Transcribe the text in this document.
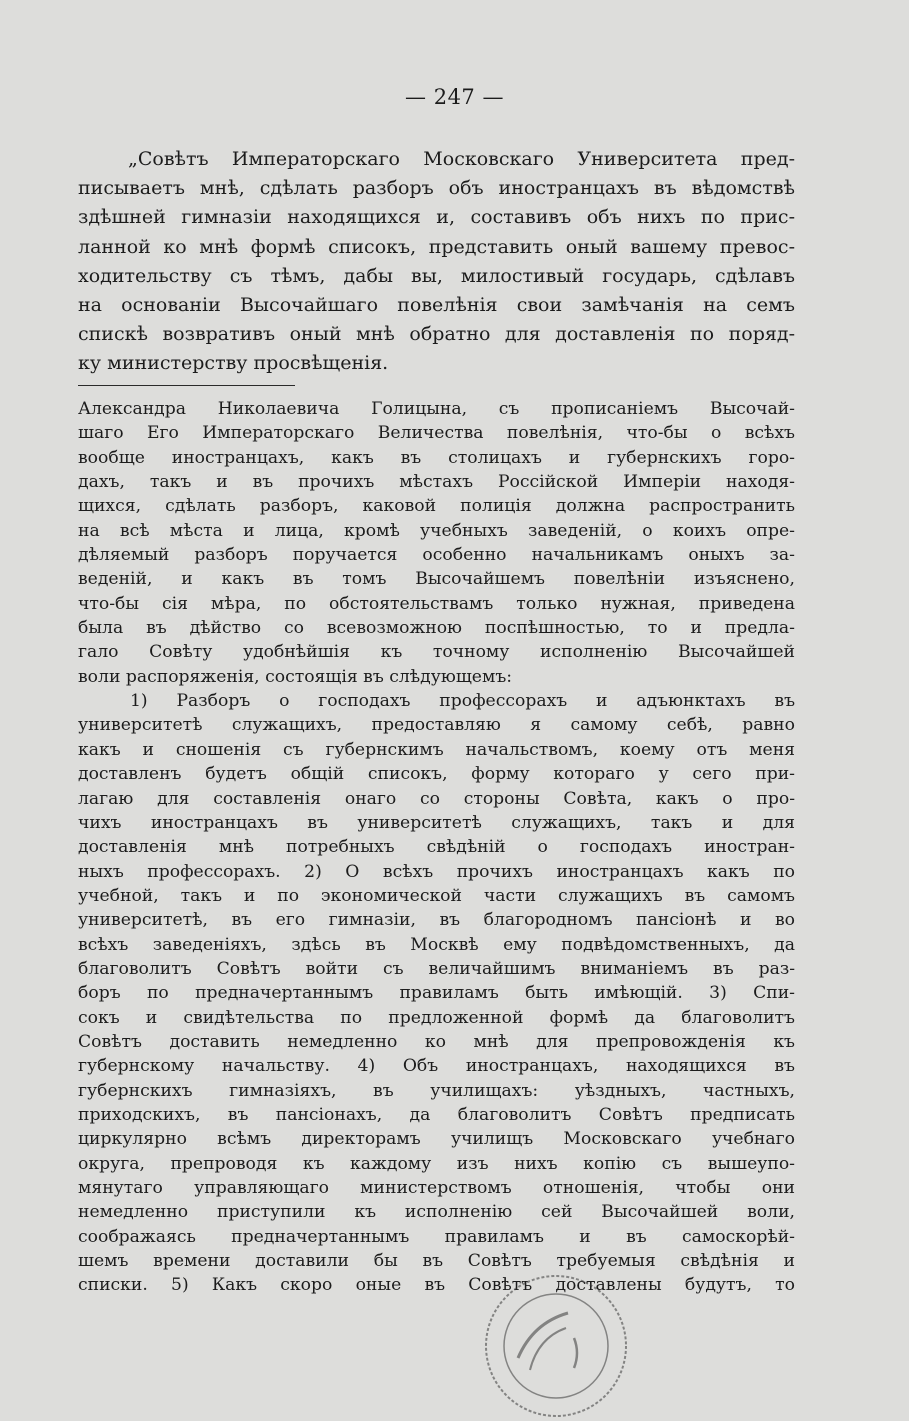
— 247 —
„Совѣтъ Императорскаго Московскаго Университета пред-
писываетъ мнѣ, сдѣлать разборъ объ иностранцахъ въ вѣдомствѣ
здѣшней гимназіи находящихся и, составивъ объ нихъ по прис-
ланной ко мнѣ формѣ списокъ, представить оный вашему превос-
ходительству съ тѣмъ, дабы вы, милостивый государь, сдѣлавъ
на основаніи Высочайшаго повелѣнія свои замѣчанія на семъ
спискѣ возвративъ оный мнѣ обратно для доставленія по поряд-
ку министерству просвѣщенія.
Александра Николаевича Голицына, съ прописаніемъ Высочай-
шаго Его Императорскаго Величества повелѣнія, что-бы о всѣхъ
вообще иностранцахъ, какъ въ столицахъ и губернскихъ горо-
дахъ, такъ и въ прочихъ мѣстахъ Россійской Имперіи находя-
щихся, сдѣлать разборъ, каковой полиція должна распространить
на всѣ мѣста и лица, кромѣ учебныхъ заведеній, о коихъ опре-
дѣляемый разборъ поручается особенно начальникамъ оныхъ за-
веденій, и какъ въ томъ Высочайшемъ повелѣніи изъяснено,
что-бы сія мѣра, по обстоятельствамъ только нужная, приведена
была въ дѣйство со всевозможною поспѣшностью, то и предла-
гало Совѣту удобнѣйшія къ точному исполненію Высочайшей
воли распоряженія, состоящія въ слѣдующемъ:
1) Разборъ о господахъ профессорахъ и адъюнктахъ въ
университетѣ служащихъ, предоставляю я самому себѣ, равно
какъ и сношенія съ губернскимъ начальствомъ, коему отъ меня
доставленъ будетъ общій списокъ, форму котораго у сего при-
лагаю для составленія онаго со стороны Совѣта, какъ о про-
чихъ иностранцахъ въ университетѣ служащихъ, такъ и для
доставленія мнѣ потребныхъ свѣдѣній о господахъ иностран-
ныхъ профессорахъ. 2) О всѣхъ прочихъ иностранцахъ какъ по
учебной, такъ и по экономической части служащихъ въ самомъ
университетѣ, въ его гимназіи, въ благородномъ пансіонѣ и во
всѣхъ заведеніяхъ, здѣсь въ Москвѣ ему подвѣдомственныхъ, да
благоволитъ Совѣтъ войти съ величайшимъ вниманіемъ въ раз-
боръ по предначертаннымъ правиламъ быть имѣющій. 3) Спи-
сокъ и свидѣтельства по предложенной формѣ да благоволитъ
Совѣтъ доставить немедленно ко мнѣ для препровожденія къ
губернскому начальству. 4) Объ иностранцахъ, находящихся въ
губернскихъ гимназіяхъ, въ училищахъ: уѣздныхъ, частныхъ,
приходскихъ, въ пансіонахъ, да благоволитъ Совѣтъ предписать
циркулярно всѣмъ директорамъ училищъ Московскаго учебнаго
округа, препроводя къ каждому изъ нихъ копію съ вышеупо-
мянутаго управляющаго министерствомъ отношенія, чтобы они
немедленно приступили къ исполненію сей Высочайшей воли,
соображаясь предначертаннымъ правиламъ и въ самоскорѣй-
шемъ времени доставили бы въ Совѣтъ требуемыя свѣдѣнія и
списки. 5) Какъ скоро оные въ Совѣтъ доставлены будутъ, то
